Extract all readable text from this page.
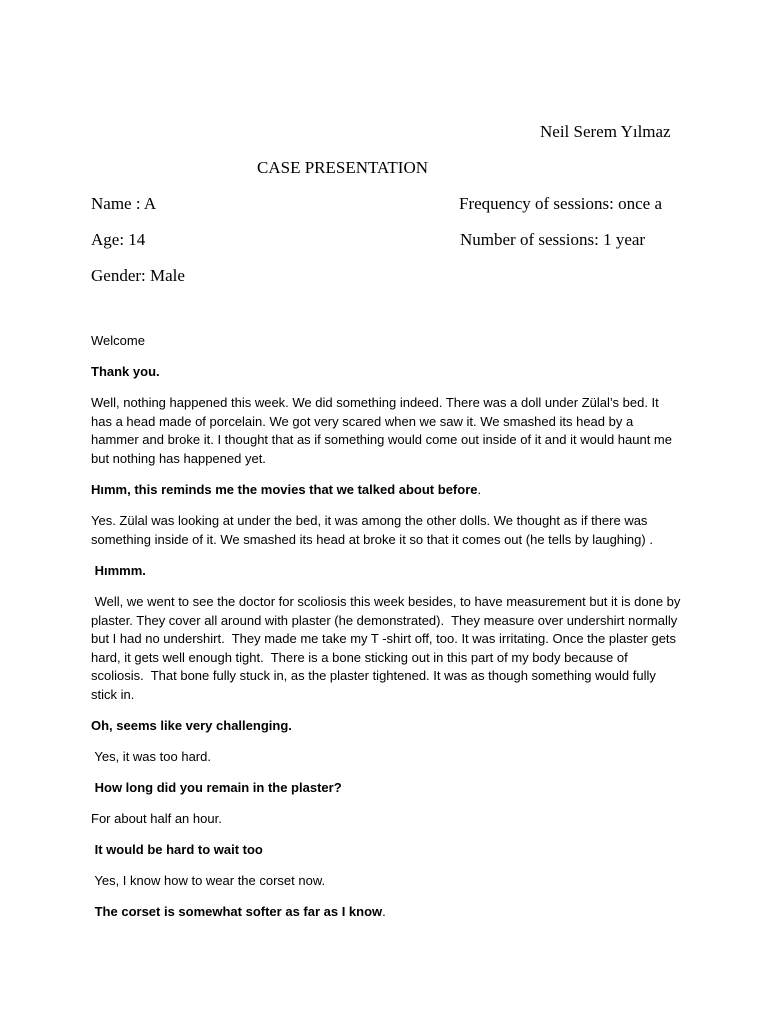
Neil Serem Yılmaz
CASE PRESENTATION
Name : A	Frequency of sessions: once a
Age: 14	Number of sessions: 1 year
Gender: Male

Welcome

Thank you.

Well, nothing happened this week. We did something indeed. There was a doll under Zülal’s bed. It has a head made of porcelain. We got very scared when we saw it. We smashed its head by a hammer and broke it. I thought that as if something would come out inside of it and it would haunt me but nothing has happened yet.

Hımm, this reminds me the movies that we talked about before.

Yes. Zülal was looking at under the bed, it was among the other dolls. We thought as if there was something inside of it. We smashed its head at broke it so that it comes out (he tells by laughing) .

Hımmm.

Well, we went to see the doctor for scoliosis this week besides, to have measurement but it is done by plaster. They cover all around with plaster (he demonstrated).  They measure over undershirt normally but I had no undershirt.  They made me take my T -shirt off, too. It was irritating. Once the plaster gets hard, it gets well enough tight.  There is a bone sticking out in this part of my body because of scoliosis.  That bone fully stuck in, as the plaster tightened. It was as though something would fully stick in.

Oh, seems like very challenging.

Yes, it was too hard.

How long did you remain in the plaster?

For about half an hour.

It would be hard to wait too

Yes, I know how to wear the corset now.

The corset is somewhat softer as far as I know.
